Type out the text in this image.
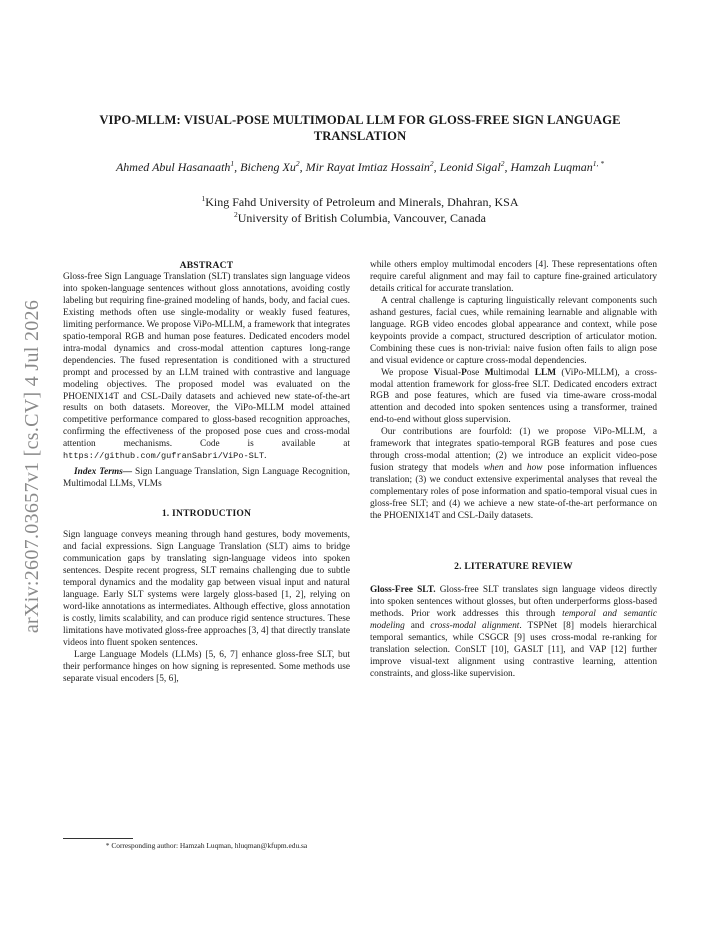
arXiv:2607.03657v1 [cs.CV] 4 Jul 2026
VIPO-MLLM: VISUAL-POSE MULTIMODAL LLM FOR GLOSS-FREE SIGN LANGUAGE TRANSLATION
Ahmed Abul Hasanaath$^1$, Bicheng Xu$^2$, Mir Rayat Imtiaz Hossain$^2$, Leonid Sigal$^2$, Hamzah Luqman$^{1, *}$
$^1$King Fahd University of Petroleum and Minerals, Dhahran, KSA
$^2$University of British Columbia, Vancouver, Canada
ABSTRACT

Gloss-free Sign Language Translation (SLT) translates sign language videos into spoken-language sentences without gloss annotations, avoiding costly labeling but requiring fine-grained modeling of hands, body, and facial cues. Existing methods often use single-modality or weakly fused features, limiting performance. We propose ViPo-MLLM, a framework that integrates spatio-temporal RGB and human pose features. Dedicated encoders model intra-modal dynamics and cross-modal attention captures long-range dependencies. The fused representation is conditioned with a structured prompt and processed by an LLM trained with contrastive and language modeling objectives. The proposed model was evaluated on the PHOENIX14T and CSL-Daily datasets and achieved new state-of-the-art results on both datasets. Moreover, the ViPo-MLLM model attained competitive performance compared to gloss-based recognition approaches, confirming the effectiveness of the proposed pose cues and cross-modal attention mechanisms. Code is available at https://github.com/gufranSabri/ViPo-SLT.

Index Terms— Sign Language Translation, Sign Language Recognition, Multimodal LLMs, VLMs

1. INTRODUCTION

Sign language conveys meaning through hand gestures, body movements, and facial expressions. Sign Language Translation (SLT) aims to bridge communication gaps by translating sign-language videos into spoken sentences. Despite recent progress, SLT remains challenging due to subtle temporal dynamics and the modality gap between visual input and natural language. Early SLT systems were largely gloss-based [1, 2], relying on word-like annotations as intermediates. Although effective, gloss annotation is costly, limits scalability, and can produce rigid sentence structures. These limitations have motivated gloss-free approaches [3, 4] that directly translate videos into fluent spoken sentences.

Large Language Models (LLMs) [5, 6, 7] enhance gloss-free SLT, but their performance hinges on how signing is represented. Some methods use separate visual encoders [5, 6],

* Corresponding author: Hamzah Luqman, hluqman@kfupm.edu.sa

while others employ multimodal encoders [4]. These representations often require careful alignment and may fail to capture fine-grained articulatory details critical for accurate translation.

A central challenge is capturing linguistically relevant components such ashand gestures, facial cues, while remaining learnable and alignable with language. RGB video encodes global appearance and context, while pose keypoints provide a compact, structured description of articulator motion. Combining these cues is non-trivial: naive fusion often fails to align pose and visual evidence or capture cross-modal dependencies.

We propose Visual-Pose Multimodal LLM (ViPo-MLLM), a cross-modal attention framework for gloss-free SLT. Dedicated encoders extract RGB and pose features, which are fused via time-aware cross-modal attention and decoded into spoken sentences using a transformer, trained end-to-end without gloss supervision.

Our contributions are fourfold: (1) we propose ViPo-MLLM, a framework that integrates spatio-temporal RGB features and pose cues through cross-modal attention; (2) we introduce an explicit video-pose fusion strategy that models when and how pose information influences translation; (3) we conduct extensive experimental analyses that reveal the complementary roles of pose information and spatio-temporal visual cues in gloss-free SLT; and (4) we achieve a new state-of-the-art performance on the PHOENIX14T and CSL-Daily datasets.

2. LITERATURE REVIEW

Gloss-Free SLT. Gloss-free SLT translates sign language videos directly into spoken sentences without glosses, but often underperforms gloss-based methods. Prior work addresses this through temporal and semantic modeling and cross-modal alignment. TSPNet [8] models hierarchical temporal semantics, while CSGCR [9] uses cross-modal re-ranking for translation selection. ConSLT [10], GASLT [11], and VAP [12] further improve visual-text alignment using contrastive learning, attention constraints, and gloss-like supervision.
